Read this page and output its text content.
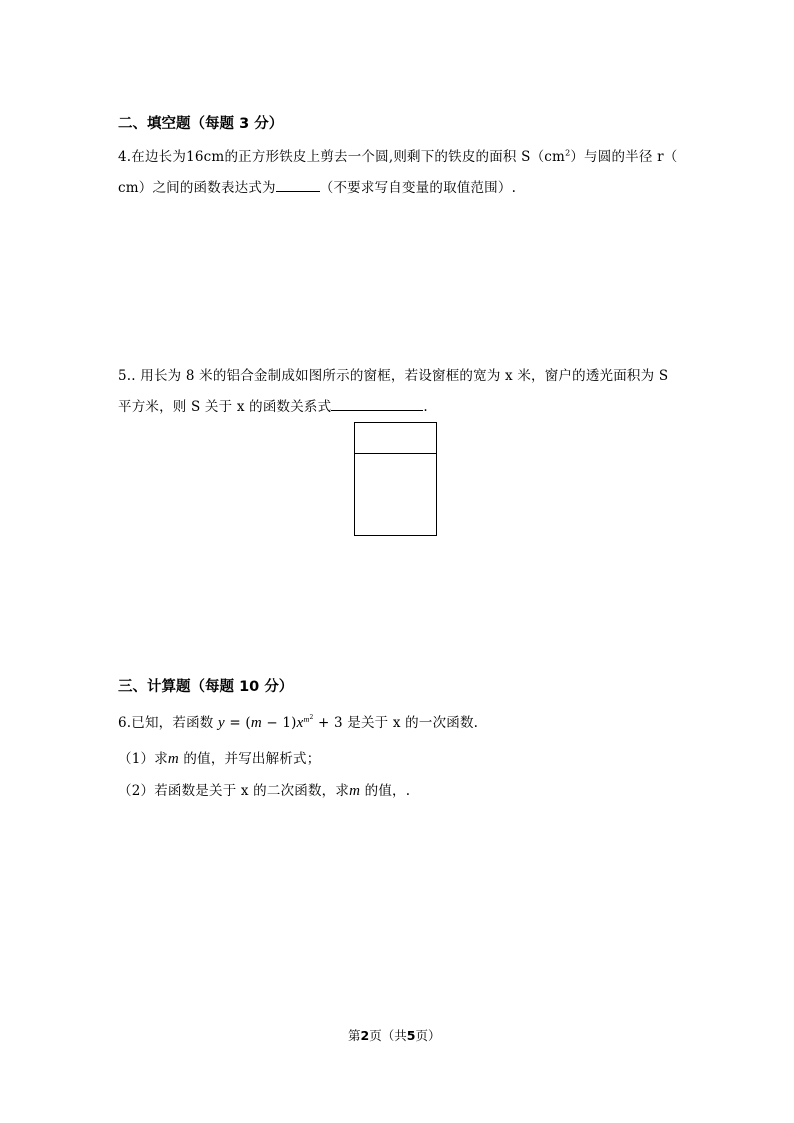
二、填空题（每题 3 分）
4.在边长为16cm的正方形铁皮上剪去一个圆,则剩下的铁皮的面积 $S(cm^2)$与圆的半径 r（
cm）之间的函数表达式为	（不要求写自变量的取值范围）.
5.. 用长为 8 米的铝合金制成如图所示的窗框，若设窗框的宽为 x 米，窗户的透光面积为 S
平方米，则 S 关于 x 的函数关系式	.
三、计算题（每题 10 分）
6.已知，若函数 $y = (m - 1)x^{m^2} + 3$ 是关于 x 的一次函数.
（1）求m 的值，并写出解析式；
（2）若函数是关于 x 的二次函数，求m 的值，.
第2页（共5页）
